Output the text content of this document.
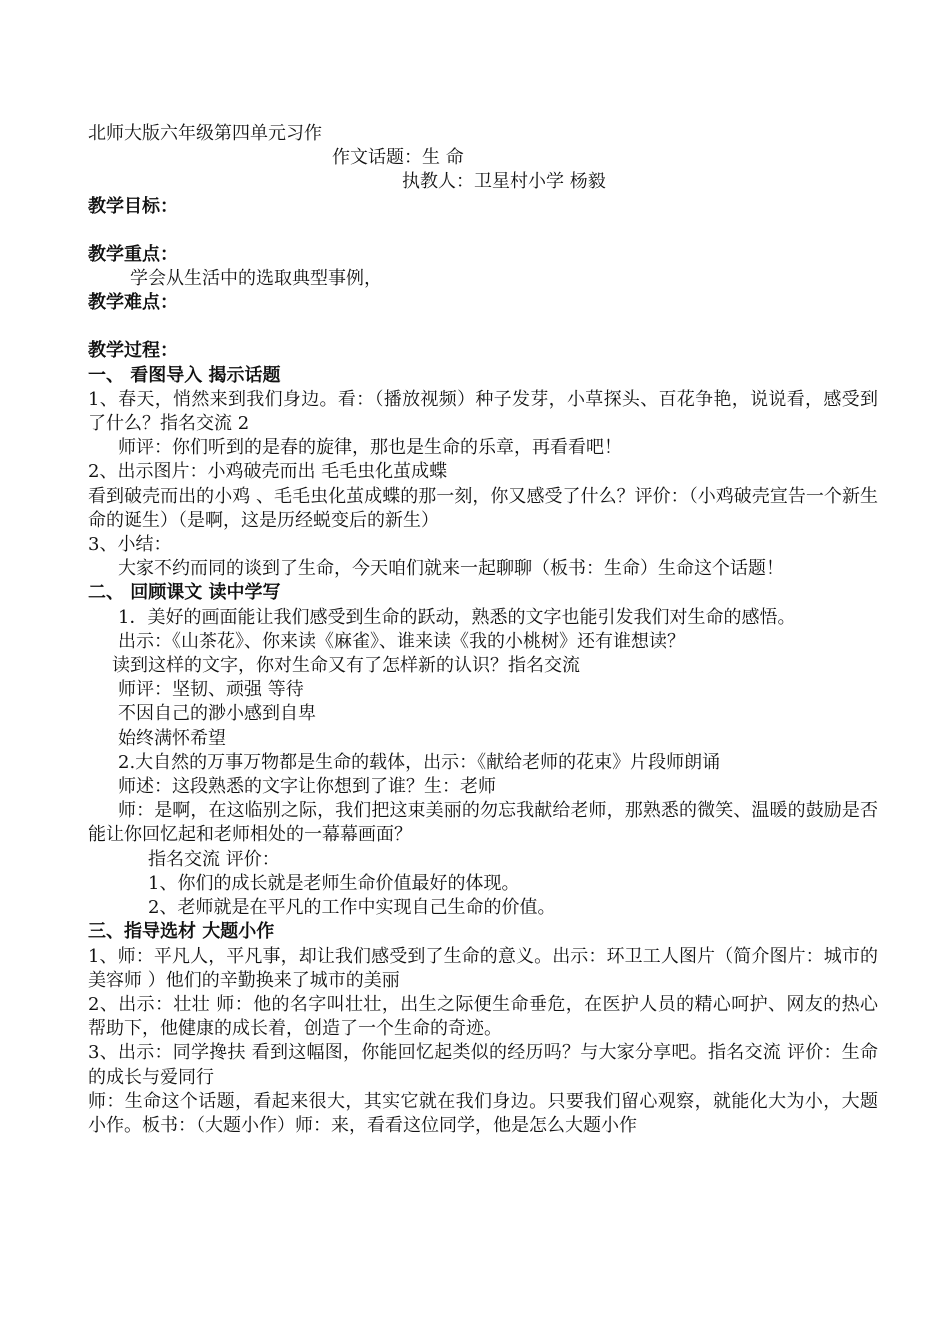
北师大版六年级第四单元习作
作文话题：生 命
执教人：卫星村小学 杨毅
教学目标：
教学重点：
学会从生活中的选取典型事例，
教学难点：
教学过程：
一、 看图导入 揭示话题
1、春天，悄然来到我们身边。看：（播放视频）种子发芽，小草探头、百花争艳，说说看，感受到了什么？指名交流 2
师评：你们听到的是春的旋律，那也是生命的乐章，再看看吧！
2、出示图片：小鸡破壳而出 毛毛虫化茧成蝶
看到破壳而出的小鸡 、毛毛虫化茧成蝶的那一刻，你又感受了什么？评价：（小鸡破壳宣告一个新生命的诞生）（是啊，这是历经蜕变后的新生）
3、小结：
大家不约而同的谈到了生命，今天咱们就来一起聊聊（板书：生命）生命这个话题！
二、 回顾课文 读中学写
1．美好的画面能让我们感受到生命的跃动，熟悉的文字也能引发我们对生命的感悟。
出示：《山茶花》、你来读《麻雀》、谁来读《我的小桃树》还有谁想读？
读到这样的文字，你对生命又有了怎样新的认识？指名交流
师评：坚韧、顽强 等待
不因自己的渺小感到自卑
始终满怀希望
2.大自然的万事万物都是生命的载体，出示：《献给老师的花束》片段师朗诵
师述：这段熟悉的文字让你想到了谁？生：老师
师：是啊，在这临别之际，我们把这束美丽的勿忘我献给老师，那熟悉的微笑、温暖的鼓励是否能让你回忆起和老师相处的一幕幕画面？
指名交流 评价：
1、你们的成长就是老师生命价值最好的体现。
2、老师就是在平凡的工作中实现自己生命的价值。
三、指导选材 大题小作
1、师：平凡人，平凡事，却让我们感受到了生命的意义。出示：环卫工人图片（简介图片：城市的美容师 ）他们的辛勤换来了城市的美丽
2、出示：壮壮 师：他的名字叫壮壮，出生之际便生命垂危，在医护人员的精心呵护、网友的热心帮助下，他健康的成长着，创造了一个生命的奇迹。
3、出示：同学搀扶 看到这幅图，你能回忆起类似的经历吗？与大家分享吧。指名交流 评价：生命的成长与爱同行
师：生命这个话题，看起来很大，其实它就在我们身边。只要我们留心观察，就能化大为小，大题小作。板书：（大题小作）师：来，看看这位同学，他是怎么大题小作
